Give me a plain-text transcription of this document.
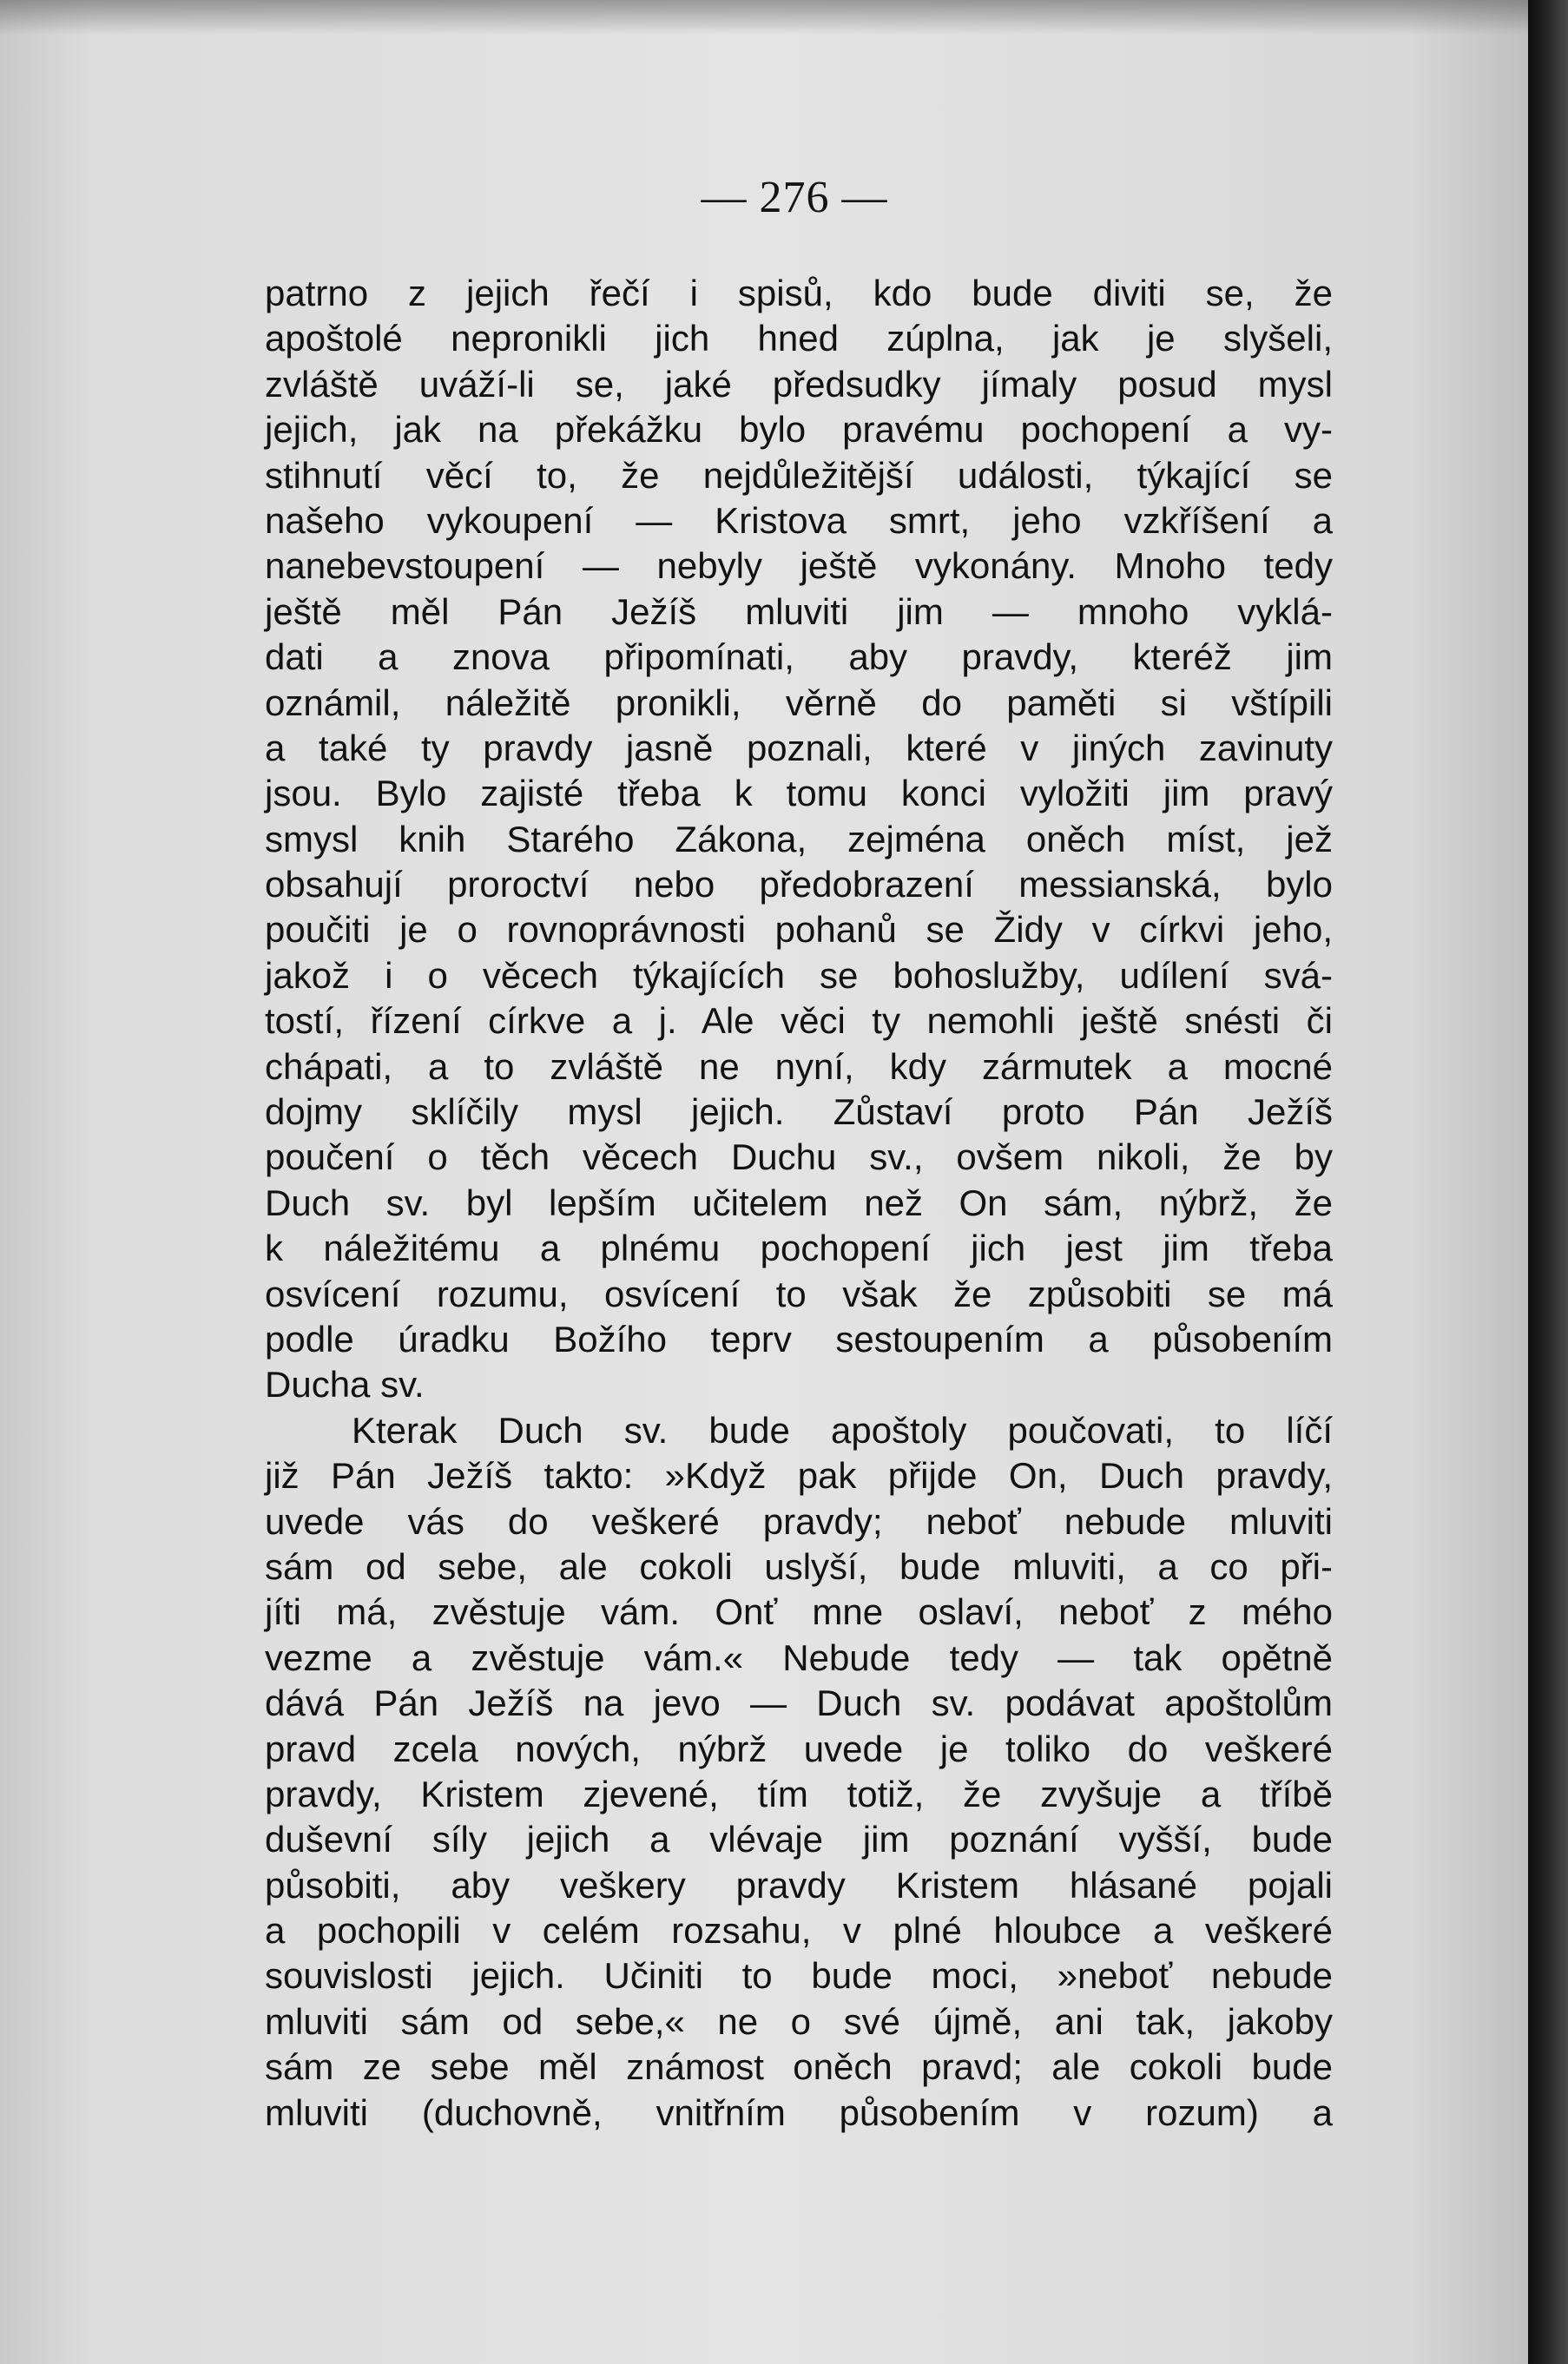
— 276 —
patrno z jejich řečí i spisů, kdo bude diviti se, že
apoštolé nepronikli jich hned zúplna, jak je slyšeli,
zvláště uváží-li se, jaké předsudky jímaly posud mysl
jejich, jak na překážku bylo pravému pochopení a vy-
stihnutí věcí to, že nejdůležitější události, týkající se
našeho vykoupení — Kristova smrt, jeho vzkříšení a
nanebevstoupení — nebyly ještě vykonány. Mnoho tedy
ještě měl Pán Ježíš mluviti jim — mnoho vyklá-
dati a znova připomínati, aby pravdy, kteréž jim
oznámil, náležitě pronikli, věrně do paměti si vštípili
a také ty pravdy jasně poznali, které v jiných zavinuty
jsou. Bylo zajisté třeba k tomu konci vyložiti jim pravý
smysl knih Starého Zákona, zejména oněch míst, jež
obsahují proroctví nebo předobrazení messianská, bylo
poučiti je o rovnoprávnosti pohanů se Židy v církvi jeho,
jakož i o věcech týkajících se bohoslužby, udílení svá-
tostí, řízení církve a j. Ale věci ty nemohli ještě snésti či
chápati, a to zvláště ne nyní, kdy zármutek a mocné
dojmy sklíčily mysl jejich. Zůstaví proto Pán Ježíš
poučení o těch věcech Duchu sv., ovšem nikoli, že by
Duch sv. byl lepším učitelem než On sám, nýbrž, že
k náležitému a plnému pochopení jich jest jim třeba
osvícení rozumu, osvícení to však že způsobiti se má
podle úradku Božího teprv sestoupením a působením
Ducha sv.
Kterak Duch sv. bude apoštoly poučovati, to líčí
již Pán Ježíš takto: »Když pak přijde On, Duch pravdy,
uvede vás do veškeré pravdy; neboť nebude mluviti
sám od sebe, ale cokoli uslyší, bude mluviti, a co při-
jíti má, zvěstuje vám. Onť mne oslaví, neboť z mého
vezme a zvěstuje vám.« Nebude tedy — tak opětně
dává Pán Ježíš na jevo — Duch sv. podávat apoštolům
pravd zcela nových, nýbrž uvede je toliko do veškeré
pravdy, Kristem zjevené, tím totiž, že zvyšuje a tříbě
duševní síly jejich a vlévaje jim poznání vyšší, bude
působiti, aby veškery pravdy Kristem hlásané pojali
a pochopili v celém rozsahu, v plné hloubce a veškeré
souvislosti jejich. Učiniti to bude moci, »neboť nebude
mluviti sám od sebe,« ne o své újmě, ani tak, jakoby
sám ze sebe měl známost oněch pravd; ale cokoli bude
mluviti (duchovně, vnitřním působením v rozum) a
